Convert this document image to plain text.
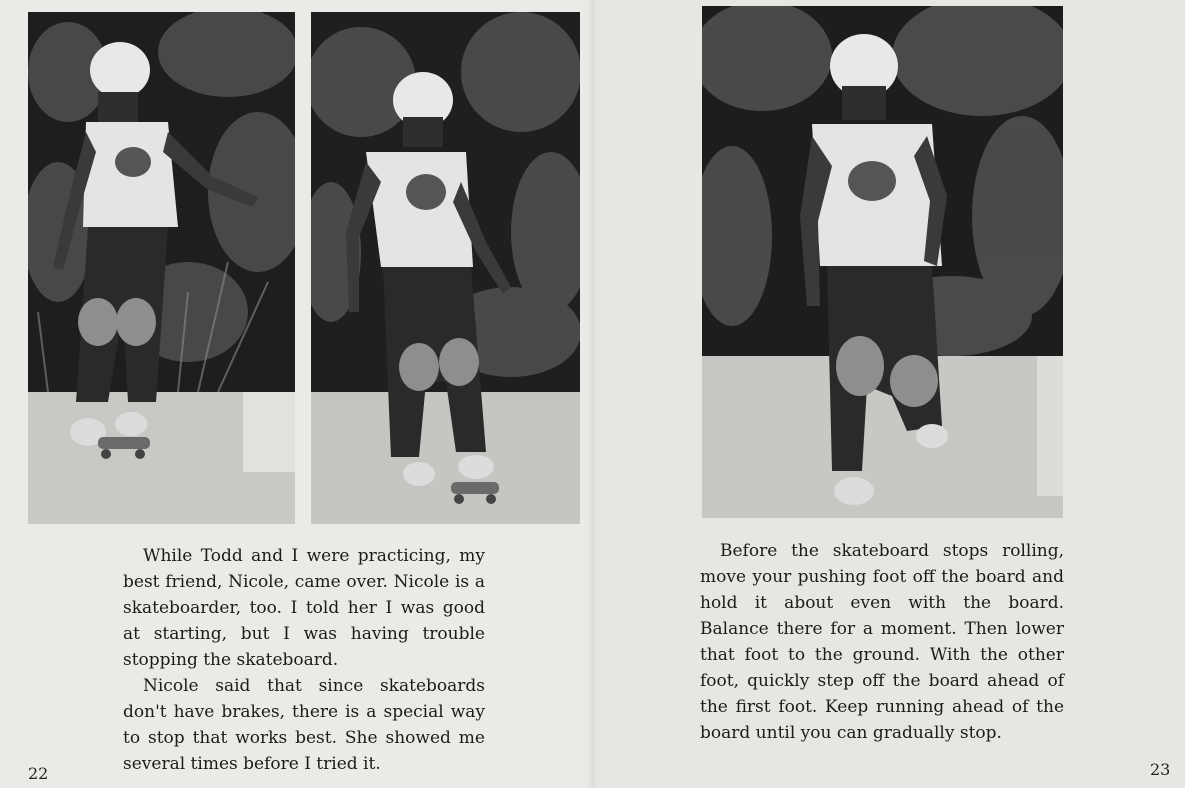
While Todd and I were practicing, my best friend, Nicole, came over. Nicole is a skateboarder, too. I told her I was good at starting, but I was having trouble stopping the skateboard.

Nicole said that since skateboards don't have brakes, there is a special way to stop that works best. She showed me several times before I tried it.

Before the skateboard stops rolling, move your pushing foot off the board and hold it about even with the board. Balance there for a moment. Then lower that foot to the ground. With the other foot, quickly step off the board ahead of the first foot. Keep running ahead of the board until you can gradually stop.

22	23
